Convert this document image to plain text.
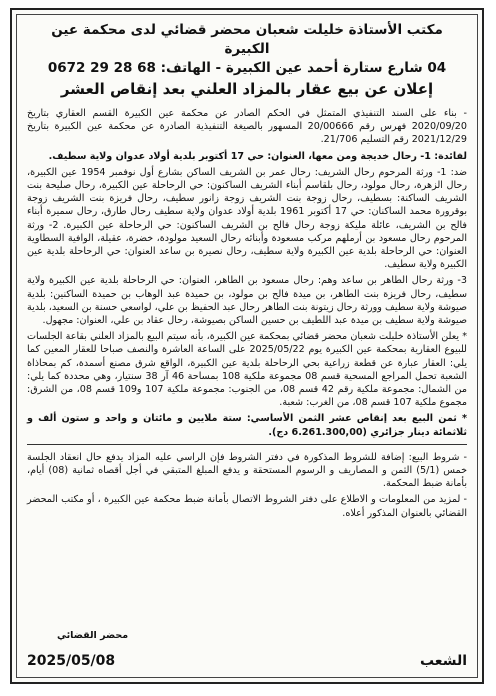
مكتب الأستاذة خليلت شعبان محضر قضائي لدى محكمة عين الكبيرة
04 شارع ستارة أحمد عين الكبيرة - الهاتف: 68 28 29 0672
إعلان عن بيع عقار بالمزاد العلني بعد إنقاص العشر

- بناء على السند التنفيذي المتمثل في الحكم الصادر عن محكمة عين الكبيرة القسم العقاري بتاريخ 2020/09/20 فهرس رقم 20/00666 المسهور بالصيغة التنفيذية الصادرة عن محكمة عين الكبيرة بتاريخ 2021/12/29 رقم التسليم 21/706.

لفائدة: 1- رحال خديجة ومن معها، العنوان: حي 17 أكتوبر بلدية أولاد عدوان ولاية سطيف.

ضد: 1- ورثة المرحوم رحال الشريف: رحال عمر بن الشريف الساكن بشارع أول نوفمبر 1954 عين الكبيرة، رحال الزهرة، رحال مولود، رحال بلقاسم أبناء الشريف الساكنون: حي الرحاحلة عين الكبيرة، رحال صليحة بنت الشريف الساكنة: بسطيف، رحال زوجة بنت الشريف زوجة زانور سطيف، رحال فريزة بنت الشريف زوجة بوقرورة محمد الساكنان: حي 17 أكتوبر 1961 بلدية أولاد عدوان ولاية سطيف رحال طارق، رحال سميرة أبناء فالح بن الشريف، عائلة مليكة زوجة رحال فالح بن الشريف الساكنون: حي الرحاحلة عين الكبيرة. 2- ورثة المرحوم رحال مسعود بن أرملهم مركب مسعودة وأبنائه رحال السعيد مولودة، خضرة، عقيلة، الوافية السطاوية العنوان: حي الرحاحلة بلدية عين الكبيرة ولاية سطيف، رحال نصيرة بن ساعد العنوان: حي الرحاحلة بلدية عين الكبيرة ولاية سطيف.

3- ورثة رحال الطاهر بن ساعد وهم: رحال مسعود بن الطاهر، العنوان: حي الرحاحلة بلدية عين الكبيرة ولاية سطيف، رحال فريزة بنت الطاهر، بن ميدة فالح بن مولود، بن حميدة عبد الوهاب بن حميدة الساكنين: بلدية صيوشة ولاية سطيف وورثة رحال زيتونة بنت الطاهر رحال عبد الحفيظ بن علي، لواسعي حسنة بن السعيد، بلدية صيوشة ولاية سطيف بن ميدة عبد اللطيف بن حسين الساكن بصيوشة، رحال عقاد بن علي، العنوان: مجهول.

* يعلن الأستاذة خليلت شعبان محضر قضائي بمحكمة عين الكبيرة، بأنه سيتم البيع بالمزاد العلني بقاعة الجلسات للبيوع العقارية بمحكمة عين الكبيرة يوم 2025/05/22 على الساعة العاشرة والنصف صباحا للعقار المعين كما يلي: العقار عبارة عن قطعة زراعية بحي الرحاحلة بلدية عين الكبيرة، الواقع شرق مصنع أسمدة، كم بمحاذاة الشعبة تحمل المراجع المسحية قسم 08 مجموعة ملكية 108 بمساحة 46 آر 38 سنتيار، وهي محددة كما يلي: من الشمال: مجموعة ملكية رقم 42 قسم 08، من الجنوب: مجموعة ملكية 107 و109 قسم 08، من الشرق: مجموع ملكية 107 قسم 08، من الغرب: شعبة.

* ثمن البيع بعد إنقاص عشر الثمن الأساسي: ستة ملايين و مائتان و واحد و ستون ألف و ثلاثمائة دينار جزائري (6.261.300,00 دج).

- شروط البيع: إضافة للشروط المذكورة في دفتر الشروط فإن الراسي عليه المزاد يدفع حال انعقاد الجلسة خمس (5/1) الثمن و المصاريف و الرسوم المستحقة و يدفع المبلغ المتبقي في أجل أقصاه ثمانية (08) أيام، بأمانة ضبط المحكمة.

- لمزيد من المعلومات و الاطلاع على دفتر الشروط الاتصال بأمانة ضبط محكمة عين الكبيرة ، أو مكتب المحضر القضائي بالعنوان المذكور أعلاه.

محضر القضائي
الشعب
2025/05/08
